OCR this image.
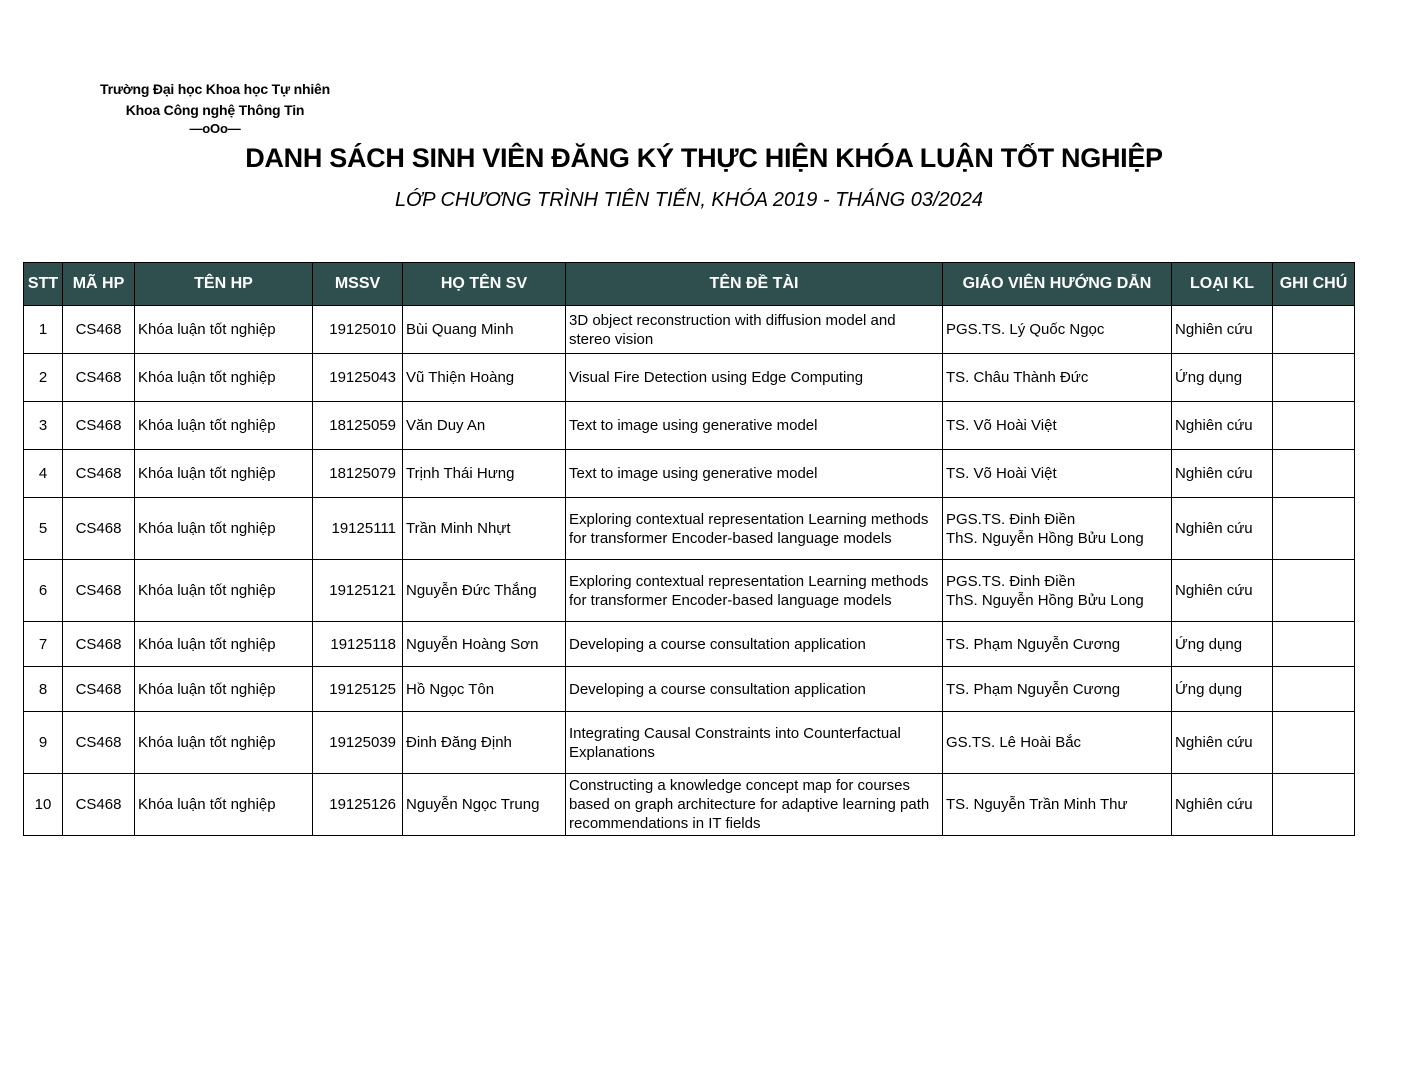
Trường Đại học Khoa học Tự nhiên
Khoa Công nghệ Thông Tin
—oOo—
DANH SÁCH SINH VIÊN ĐĂNG KÝ THỰC HIỆN KHÓA LUẬN TỐT NGHIỆP
LỚP CHƯƠNG TRÌNH TIÊN TIẾN, KHÓA 2019 - THÁNG 03/2024
STT	MÃ HP	TÊN HP	MSSV	HỌ TÊN SV	TÊN ĐỀ TÀI	GIÁO VIÊN HƯỚNG DẪN	LOẠI KL	GHI CHÚ
1	CS468	Khóa luận tốt nghiệp	19125010	Bùi Quang Minh	3D object reconstruction with diffusion model and stereo vision	PGS.TS. Lý Quốc Ngọc	Nghiên cứu	
2	CS468	Khóa luận tốt nghiệp	19125043	Vũ Thiện Hoàng	Visual Fire Detection using Edge Computing	TS. Châu Thành Đức	Ứng dụng	
3	CS468	Khóa luận tốt nghiệp	18125059	Văn Duy An	Text to image using generative model	TS. Võ Hoài Việt	Nghiên cứu	
4	CS468	Khóa luận tốt nghiệp	18125079	Trịnh Thái Hưng	Text to image using generative model	TS. Võ Hoài Việt	Nghiên cứu	
5	CS468	Khóa luận tốt nghiệp	19125111	Trần Minh Nhựt	Exploring contextual representation Learning methods for transformer Encoder-based language models	PGS.TS. Đinh Điền
ThS. Nguyễn Hồng Bửu Long	Nghiên cứu	
6	CS468	Khóa luận tốt nghiệp	19125121	Nguyễn Đức Thắng	Exploring contextual representation Learning methods for transformer Encoder-based language models	PGS.TS. Đinh Điền
ThS. Nguyễn Hồng Bửu Long	Nghiên cứu	
7	CS468	Khóa luận tốt nghiệp	19125118	Nguyễn Hoàng Sơn	Developing a course consultation application	TS. Phạm Nguyễn Cương	Ứng dụng	
8	CS468	Khóa luận tốt nghiệp	19125125	Hồ Ngọc Tôn	Developing a course consultation application	TS. Phạm Nguyễn Cương	Ứng dụng	
9	CS468	Khóa luận tốt nghiệp	19125039	Đinh Đăng Định	Integrating Causal Constraints into Counterfactual Explanations	GS.TS. Lê Hoài Bắc	Nghiên cứu	
10	CS468	Khóa luận tốt nghiệp	19125126	Nguyễn Ngọc Trung	Constructing a knowledge concept map for courses based on graph architecture for adaptive learning path recommendations in IT fields	TS. Nguyễn Trần Minh Thư	Nghiên cứu	
